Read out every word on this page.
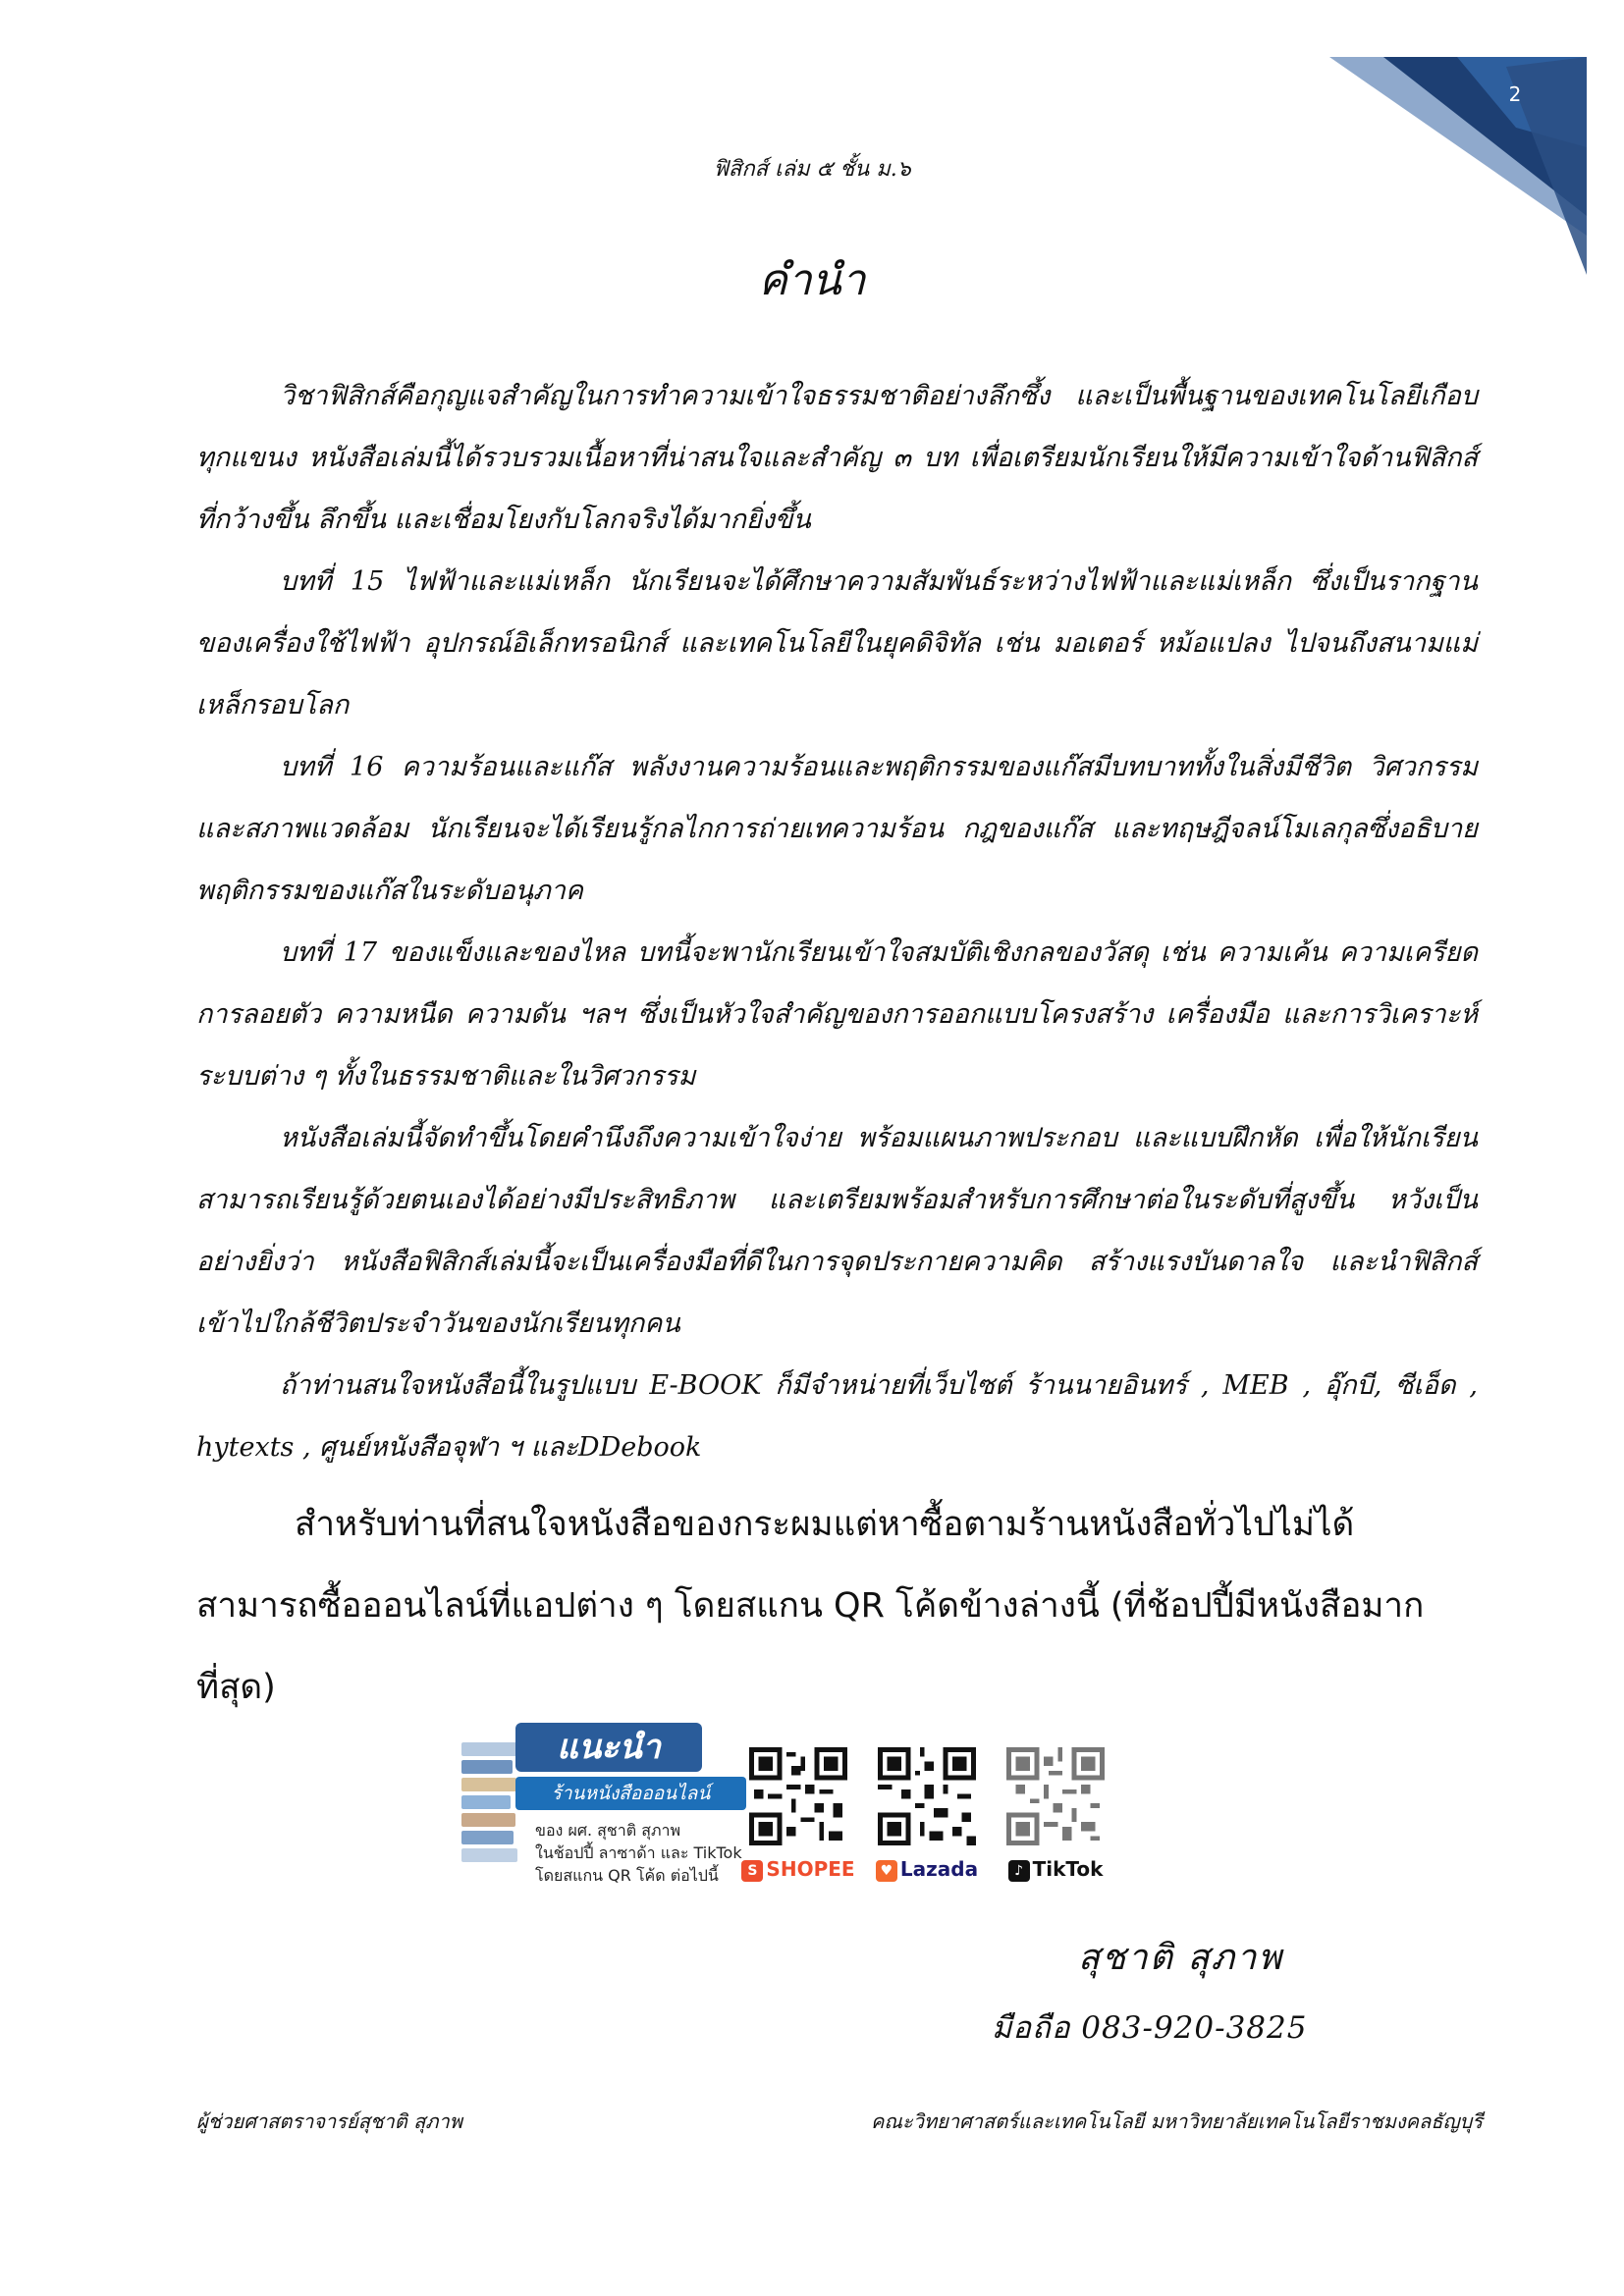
2
ฟิสิกส์ เล่ม ๕ ชั้น ม.๖
คำนำ

วิชาฟิสิกส์คือกุญแจสำคัญในการทำความเข้าใจธรรมชาติอย่างลึกซึ้ง และเป็นพื้นฐานของเทคโนโลยีเกือบทุกแขนง หนังสือเล่มนี้ได้รวบรวมเนื้อหาที่น่าสนใจและสำคัญ ๓ บท เพื่อเตรียมนักเรียนให้มีความเข้าใจด้านฟิสิกส์ที่กว้างขึ้น ลึกขึ้น และเชื่อมโยงกับโลกจริงได้มากยิ่งขึ้น

บทที่ 15 ไฟฟ้าและแม่เหล็ก นักเรียนจะได้ศึกษาความสัมพันธ์ระหว่างไฟฟ้าและแม่เหล็ก ซึ่งเป็นรากฐานของเครื่องใช้ไฟฟ้า อุปกรณ์อิเล็กทรอนิกส์ และเทคโนโลยีในยุคดิจิทัล เช่น มอเตอร์ หม้อแปลง ไปจนถึงสนามแม่เหล็กรอบโลก

บทที่ 16 ความร้อนและแก๊ส พลังงานความร้อนและพฤติกรรมของแก๊สมีบทบาททั้งในสิ่งมีชีวิต วิศวกรรม และสภาพแวดล้อม นักเรียนจะได้เรียนรู้กลไกการถ่ายเทความร้อน กฎของแก๊ส และทฤษฎีจลน์โมเลกุลซึ่งอธิบายพฤติกรรมของแก๊สในระดับอนุภาค

บทที่ 17 ของแข็งและของไหล บทนี้จะพานักเรียนเข้าใจสมบัติเชิงกลของวัสดุ เช่น ความเค้น ความเครียด การลอยตัว ความหนืด ความดัน ฯลฯ ซึ่งเป็นหัวใจสำคัญของการออกแบบโครงสร้าง เครื่องมือ และการวิเคราะห์ระบบต่าง ๆ ทั้งในธรรมชาติและในวิศวกรรม

หนังสือเล่มนี้จัดทำขึ้นโดยคำนึงถึงความเข้าใจง่าย พร้อมแผนภาพประกอบ และแบบฝึกหัด เพื่อให้นักเรียนสามารถเรียนรู้ด้วยตนเองได้อย่างมีประสิทธิภาพ และเตรียมพร้อมสำหรับการศึกษาต่อในระดับที่สูงขึ้น หวังเป็นอย่างยิ่งว่า หนังสือฟิสิกส์เล่มนี้จะเป็นเครื่องมือที่ดีในการจุดประกายความคิด สร้างแรงบันดาลใจ และนำฟิสิกส์เข้าไปใกล้ชีวิตประจำวันของนักเรียนทุกคน

ถ้าท่านสนใจหนังสือนี้ในรูปแบบ E-BOOK ก็มีจำหน่ายที่เว็บไซต์ ร้านนายอินทร์ , MEB , อุ๊กบี, ซีเอ็ด , hytexts , ศูนย์หนังสือจุฬา ฯ และDDebook

สำหรับท่านที่สนใจหนังสือของกระผมแต่หาซื้อตามร้านหนังสือทั่วไปไม่ได้ สามารถซื้อออนไลน์ที่แอปต่าง ๆ โดยสแกน QR โค้ดข้างล่างนี้ (ที่ช้อปปี้มีหนังสือมากที่สุด)

แนะนำ
ร้านหนังสือออนไลน์
ของ ผศ. สุชาติ สุภาพ
ในช้อปปี้ ลาซาด้า และ TikTok
โดยสแกน QR โค้ด ต่อไปนี้	S SHOPEE	♥ Lazada	♪ TikTok
สุชาติ สุภาพ
มือถือ 083-920-3825
ผู้ช่วยศาสตราจารย์สุชาติ สุภาพ	คณะวิทยาศาสตร์และเทคโนโลยี มหาวิทยาลัยเทคโนโลยีราชมงคลธัญบุรี
